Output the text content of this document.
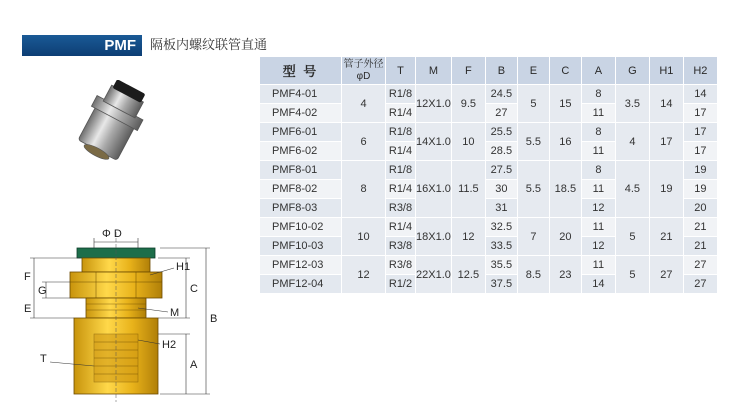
PMF	隔板内螺纹联管直通
Φ D
F
G
E
H1
C
M	B
H2
A
T
型 号	管子外径
φD	T	M	F	B	E	C	A	G	H1	H2
PMF4-01	4	R1/8	12X1.0	9.5	24.5	5	15	8	3.5	14	14
PMF4-02		R1/4			27			11			17
PMF6-01	6	R1/8	14X1.0	10	25.5	5.5	16	8	4	17	17
PMF6-02		R1/4			28.5			11			17
PMF8-01	8	R1/8	16X1.0	11.5	27.5	5.5	18.5	8	4.5	19	19
PMF8-02		R1/4			30			11			19
PMF8-03		R3/8			31			12			20
PMF10-02	10	R1/4	18X1.0	12	32.5	7	20	11	5	21	21
PMF10-03		R3/8			33.5			12			21
PMF12-03	12	R3/8	22X1.0	12.5	35.5	8.5	23	11	5	27	27
PMF12-04		R1/2			37.5			14			27
